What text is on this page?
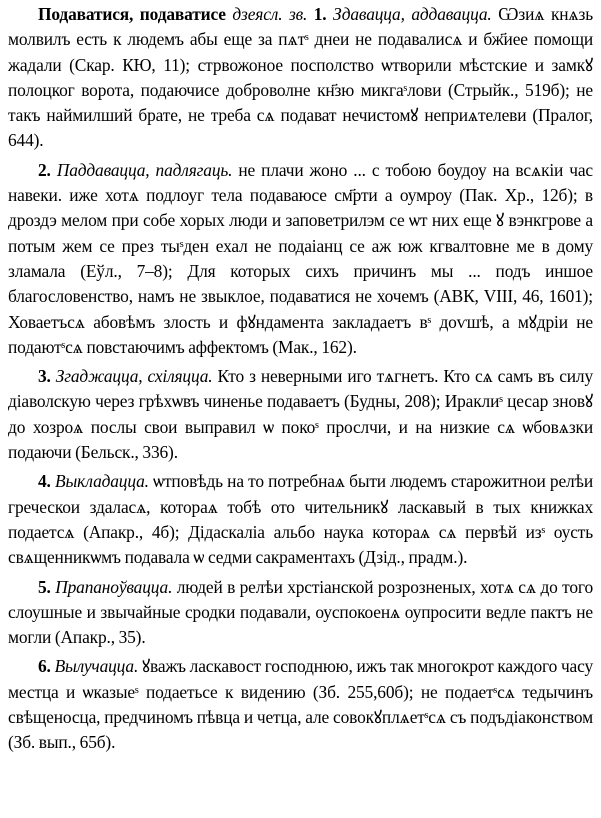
Подаватися, подаватисе дзеясл. зв. 1. Здавацца, аддавацца. Ѡзиѧ кнѧзь молвилъ есть к людемъ абы еще за пѧтˢ днеи не подавалисѧ и бж҃иее помощи жадали (Скар. КЮ, 11); стрвожоное посполство ѡтворили мѣстские и замкꙋ полоцког ворота, подаючисе доброволне кн҃зю микгаˢлови (Стрыйк., 519б); не такъ наймилший брате, не треба сѧ подават нечистомꙋ неприѧтелеви (Пралог, 644).

2. Паддавацца, падлягаць. не плачи жоно ... с тобою боудоу на всѧкіи час навеки. иже хотѧ подлоуг тела подаваюсе см҃рти а оумроу (Пак. Хр., 12б); в дроздэ мелом при собе хорых люди и заповетрилэм се ѡт них еще ꙋ вэнкгрове а потым жем се през тыˢден ехал не подаіанц се аж юж кгвалтовне ме в дому зламала (Еўл., 7–8); Для которых сихъ причинъ мы ... подъ иншое благословенство, намъ не звыклое, подаватися не хочемъ (АВК, VIII, 46, 1601); Ховаетъсѧ абовѣмъ злость и фꙋндамента закладаетъ вˢ доѵшѣ, а мꙋдріи не подаютˢсѧ повстаючимъ аффектомъ (Мак., 162).

3. Згаджацца, схіляцца. Кто з неверными иго тѧгнетъ. Кто сѧ самъ въ силу діаволскую через грѣхѡвъ чиненье подаваетъ (Будны, 208); Ираклиˢ цесар зновꙋ до хозроѧ послы свои выправил ѡ покоˢ прослчи, и на низкие сѧ ѡбовѧзки подаючи (Бельск., 336).

4. Выкладацца. ѡтповѣдь на то потребнаѧ быти людемъ старожитнои релѣи греческои здаласѧ, котораѧ тобѣ ото чительникꙋ ласкавый в тых книжках подаетсѧ (Апакр., 4б); Дідаскаліа альбо наука котораѧ сѧ первѣй изˢ оусть свѧщенникѡмъ подавала ѡ седми сакраментахъ (Дзід., прадм.).

5. Прапаноўвацца. людей в релѣи хрстіанской розрозненых, хотѧ сѧ до того слоушные и звычайные сродки подавали, оуспокоенѧ оупросити ведле пактъ не могли (Апакр., 35).

6. Вылучацца. ꙋважъ ласкавост господнюю, ижъ так многокрот каждого часу местца и ѡказыеˢ подаетьсе к видению (Зб. 255,60б); не подаетˢсѧ тедычинъ свѣщеносца, предчиномъ пѣвца и четца, але совокꙋплѧетˢсѧ съ подъдіаконством (Зб. вып., 65б).
